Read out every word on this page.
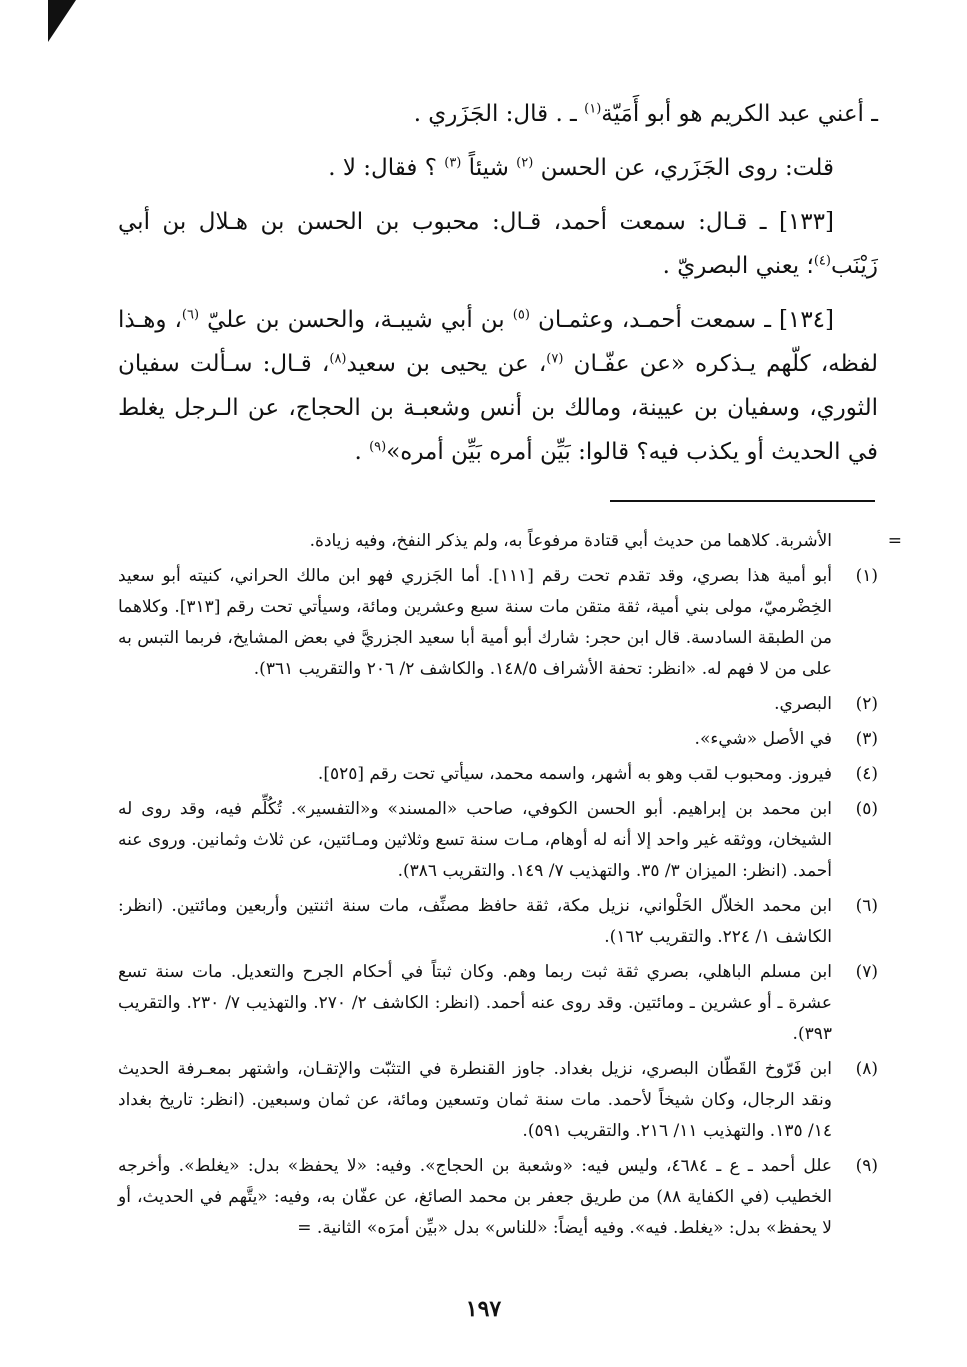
ـ أعني عبد الكريم هو أبو أَمَيّة$^{(١)}$ ـ . قال: الجَزَري .

قلت: روى الجَزَري، عن الحسن $^{(٢)}$ شيئاً $^{(٣)}$ ؟ فقال: لا .

[١٣٣] ـ قـال: سمعت أحمد، قـال: محبوب بن الحسن بن هـلال بن أبي زَيْنَب$^{(٤)}$؛ يعني البصريّ .

[١٣٤] ـ سمعت أحمـد، وعثمـان $^{(٥)}$ بن أبي شيبـة، والحسن بن عليّ $^{(٦)}$، وهـذا لفظه، كلّهم يـذكره «عن عفّـان $^{(٧)}$، عن يحيى بن سعيد$^{(٨)}$، قـال: سـألت سفيان الثوري، وسفيان بن عيينة، ومالك بن أنس وشعبـة بن الحجاج، عن الـرجل يغلط في الحديث أو يكذب فيه؟ قالوا: بَيِّن أمره بَيِّن أمره»$^{(٩)}$ .

=
الأشربة. كلاهما من حديث أبي قتادة مرفوعاً به، ولم يذكر النفخ، وفيه زيادة.
(١)
أبو أمية هذا بصري، وقد تقدم تحت رقم [١١١]. أما الجَزري فهو ابن مالك الحراني، كنيته أبو سعيد الخِضْرميّ، مولى بني أمية، ثقة متقن مات سنة سبع وعشرين ومائة، وسيأتي تحت رقم [٣١٣]. وكلاهما من الطبقة السادسة. قال ابن حجر: شارك أبو أمية أبا سعيد الجزريَّ في بعض المشايخ، فربما التبس به على من لا فهم له. «انظر: تحفة الأشراف ١٤٨/٥. والكاشف ٢/ ٢٠٦ والتقريب ٣٦١).
(٢)
البصري.
(٣)
في الأصل «شيء».
(٤)
فيروز. ومحبوب لقب وهو به أشهر، واسمه محمد، سيأتي تحت رقم [٥٢٥].
(٥)
ابن محمد بن إبراهيم. أبو الحسن الكوفي، صاحب «المسند» و«التفسير». تُكُلِّم فيه، وقد روى له الشيخان، ووثقه غير واحد إلا أنه له أوهام، مـات سنة تسع وثلاثين ومـائتين، عن ثلاث وثمانين. وروى عنه أحمد. (انظر: الميزان ٣/ ٣٥. والتهذيب ٧/ ١٤٩. والتقريب ٣٨٦).
(٦)
ابن محمد الخلاّل الحَلْواني، نزيل مكة، ثقة حافظ مصنِّف، مات سنة اثنتين وأربعين ومائتين. (انظر: الكاشف ١/ ٢٢٤. والتقريب ١٦٢).
(٧)
ابن مسلم الباهلي، بصري ثقة ثبت ربما وهم. وكان ثبتاً في أحكام الجرح والتعديل. مات سنة تسع عشرة ـ أو عشرين ـ ومائتين. وقد روى عنه أحمد. (انظر: الكاشف ٢/ ٢٧٠. والتهذيب ٧/ ٢٣٠. والتقريب ٣٩٣).
(٨)
ابن فَرّوخ القَطّان البصري، نزيل بغداد. جاوز القنطرة في التثبّت والإتقـان، واشتهر بمعـرفة الحديث ونقد الرجال، وكان شيخاً لأحمد. مات سنة ثمان وتسعين ومائة، عن ثمان وسبعين. (انظر: تاريخ بغداد ١٤/ ١٣٥. والتهذيب ١١/ ٢١٦. والتقريب ٥٩١).
(٩)
علل أحمد ـ ع ـ ٤٦٨٤، وليس فيه: «وشعبة بن الحجاج». وفيه: «لا يحفظ» بدل: «يغلط». وأخرجه الخطيب (في الكفاية ٨٨) من طريق جعفر بن محمد الصائغ، عن عفّان به، وفيه: «يتَّهم في الحديث، أو لا يحفظ» بدل: «يغلط. فيه». وفيه أيضاً: «للناس» بدل «بيِّن أمرَه» الثانية. =
١٩٧
